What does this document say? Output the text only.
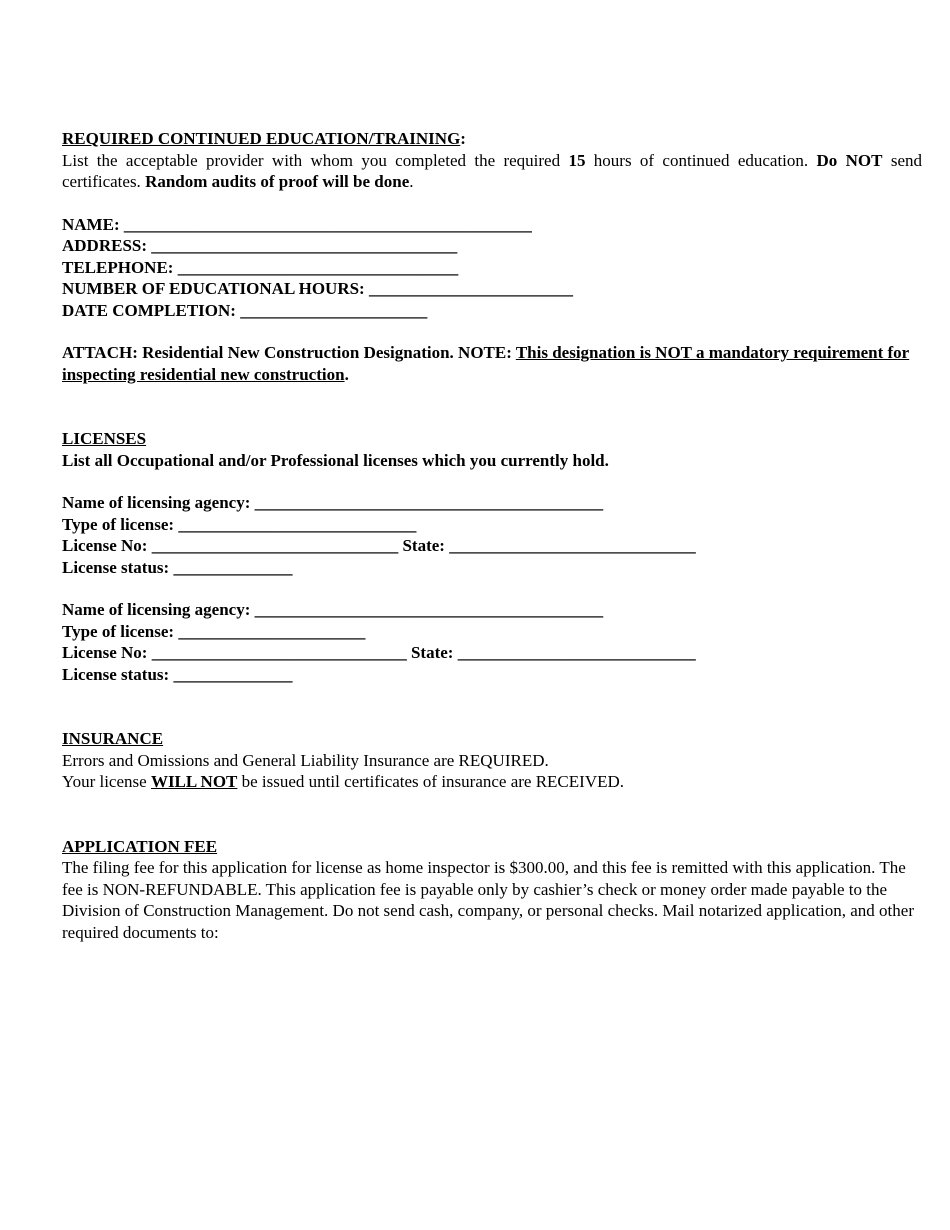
REQUIRED CONTINUED EDUCATION/TRAINING:

List the acceptable provider with whom you completed the required 15 hours of continued education. Do NOT send certificates. Random audits of proof will be done.

NAME: ________________________________________________

ADDRESS: ____________________________________

TELEPHONE: _________________________________

NUMBER OF EDUCATIONAL HOURS: ________________________

DATE COMPLETION: ______________________

ATTACH: Residential New Construction Designation. NOTE: This designation is NOT a mandatory requirement for inspecting residential new construction.

LICENSES

List all Occupational and/or Professional licenses which you currently hold.

Name of licensing agency: _________________________________________

Type of license: ____________________________

License No: _____________________________ State: _____________________________

License status: ______________

Name of licensing agency: _________________________________________

Type of license: ______________________

License No: ______________________________ State: ____________________________

License status: ______________

INSURANCE

Errors and Omissions and General Liability Insurance are REQUIRED.

Your license WILL NOT be issued until certificates of insurance are RECEIVED.

APPLICATION FEE

The filing fee for this application for license as home inspector is $300.00, and this fee is remitted with this application. The fee is NON-REFUNDABLE. This application fee is payable only by cashier’s check or money order made payable to the Division of Construction Management. Do not send cash, company, or personal checks. Mail notarized application, and other required documents to:
